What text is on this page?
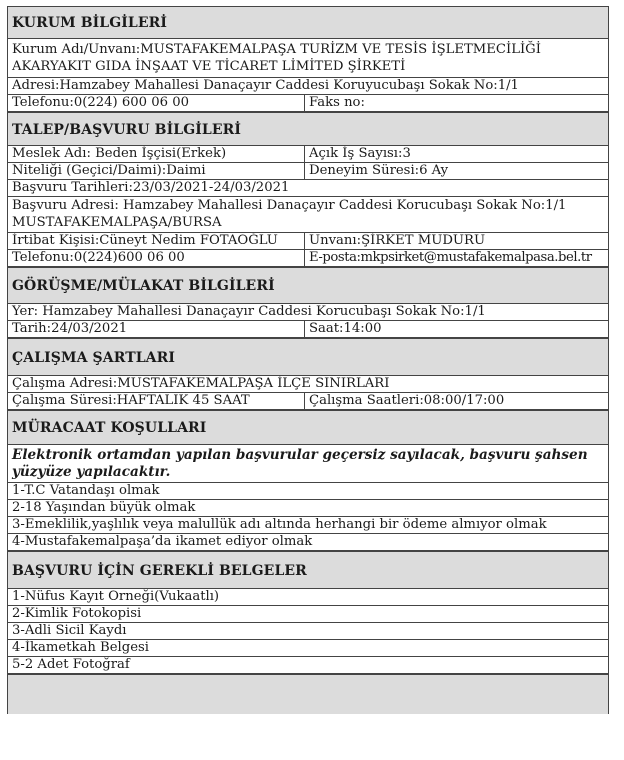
KURUM BİLGİLERİ
Kurum Adı/Unvanı:MUSTAFAKEMALPAŞA TURİZM VE TESİS İŞLETMECİLİĞİ AKARYAKIT GIDA İNŞAAT VE TİCARET LİMİTED ŞİRKETİ
Adresi:Hamzabey Mahallesi Danaçayır Caddesi Koruyucubaşı Sokak No:1/1
Telefonu:0(224) 600 06 00	Faks no:
TALEP/BAŞVURU BİLGİLERİ
Meslek Adı: Beden İşçisi(Erkek)	Açık İş Sayısı:3
Niteliği (Geçici/Daimi):Daimi	Deneyim Süresi:6 Ay
Başvuru Tarihleri:23/03/2021-24/03/2021
Başvuru Adresi: Hamzabey Mahallesi Danaçayır Caddesi Korucubaşı Sokak No:1/1 MUSTAFAKEMALPAŞA/BURSA
İrtibat Kişisi:Cüneyt Nedim FOTAOĞLU	Unvanı:ŞİRKET MÜDÜRÜ
Telefonu:0(224)600 06 00	E-posta:mkpsirket@mustafakemalpasa.bel.tr
GÖRÜŞME/MÜLAKAT BİLGİLERİ
Yer: Hamzabey Mahallesi Danaçayır Caddesi Korucubaşı Sokak No:1/1
Tarih:24/03/2021	Saat:14:00
ÇALIŞMA ŞARTLARI
Çalışma Adresi:MUSTAFAKEMALPAŞA İLÇE SINIRLARI
Çalışma Süresi:HAFTALIK 45 SAAT	Çalışma Saatleri:08:00/17:00
MÜRACAAT KOŞULLARI
Elektronik ortamdan yapılan başvurular geçersiz sayılacak, başvuru şahsen yüzyüze yapılacaktır.
1-T.C Vatandaşı olmak
2-18 Yaşından büyük olmak
3-Emeklilik,yaşlılık veya malullük adı altında herhangi bir ödeme almıyor olmak
4-Mustafakemalpaşa’da ikamet ediyor olmak
BAŞVURU İÇİN GEREKLİ BELGELER
1-Nüfus Kayıt Örneği(Vukaatlı)
2-Kimlik Fotokopisi
3-Adli Sicil Kaydı
4-İkametkah Belgesi
5-2 Adet Fotoğraf
